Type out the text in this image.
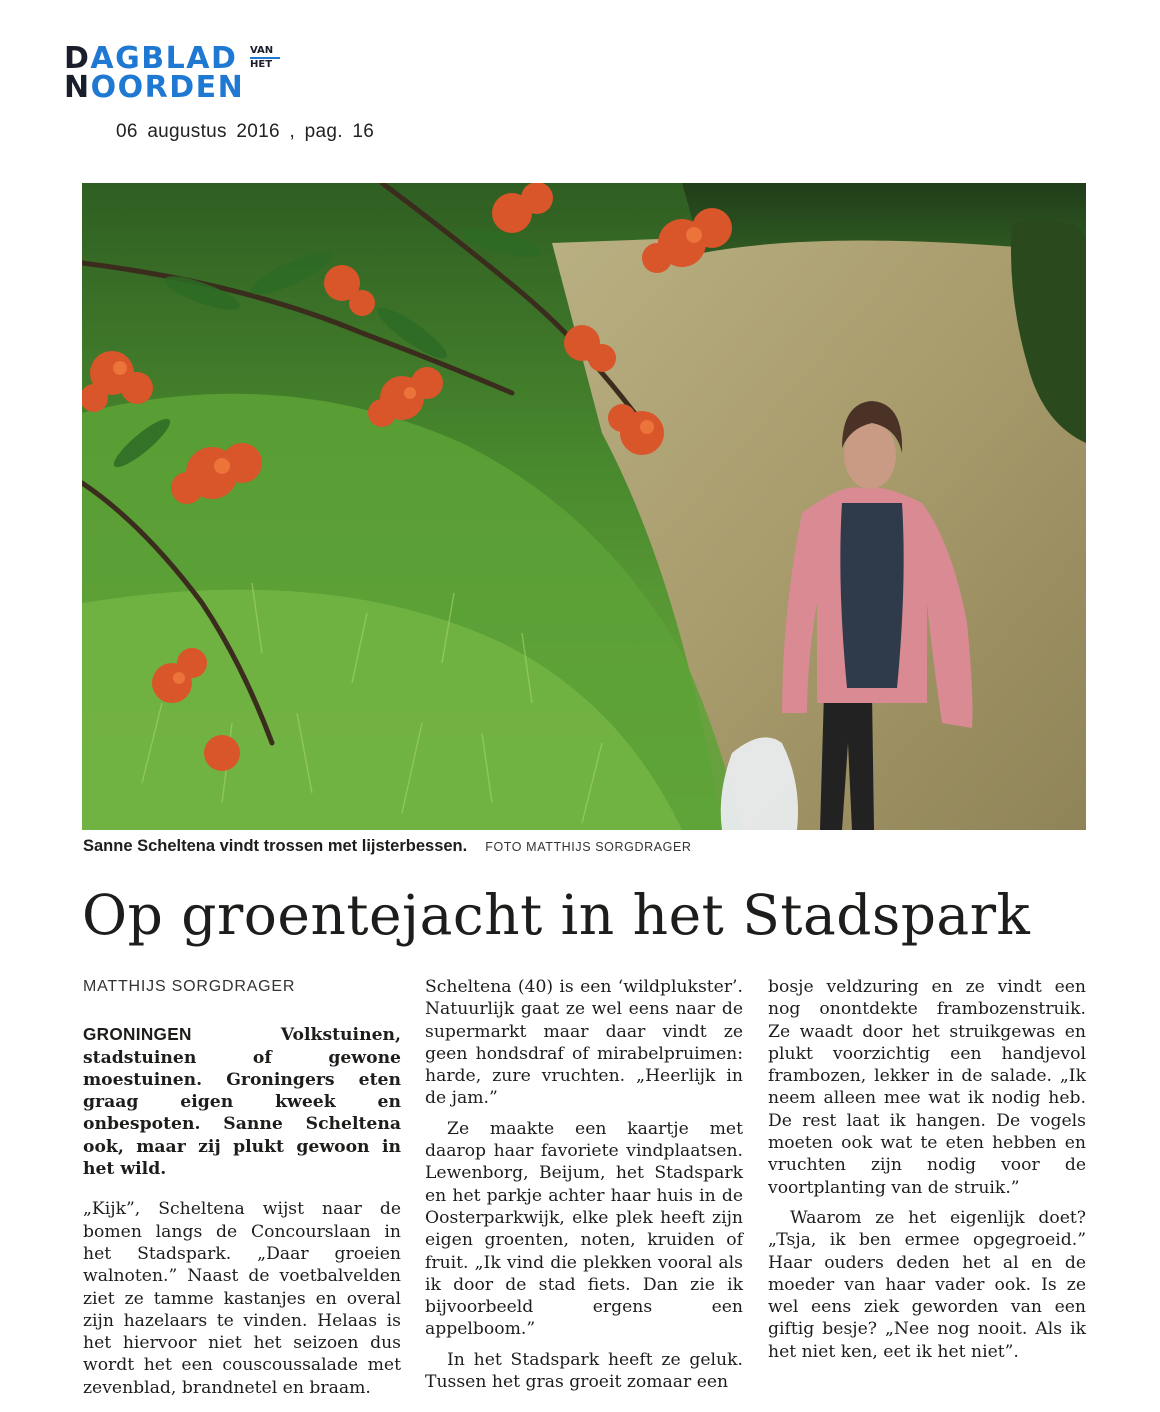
DAGBLAD
NOORDEN
VAN
HET
06 augustus 2016 , pag. 16
Sanne Scheltena vindt trossen met lijsterbessen. FOTO MATTHIJS SORGDRAGER
Op groentejacht in het Stadspark

MATTHIJS SORGDRAGER

GRONINGEN	Volkstuinen, stadstuinen of gewone moestuinen. Groningers eten graag eigen kweek en onbespoten. Sanne Scheltena ook, maar zij plukt gewoon in het wild.

„Kijk”, Scheltena wijst naar de bomen langs de Concourslaan in het Stadspark. „Daar groeien walnoten.” Naast de voetbalvelden ziet ze tamme kastanjes en overal zijn hazelaars te vinden. Helaas is het hiervoor niet het seizoen dus wordt het een couscoussalade met zevenblad, brandnetel en braam.

Scheltena (40) is een ‘wildplukster’. Natuurlijk gaat ze wel eens naar de supermarkt maar daar vindt ze geen hondsdraf of mirabelpruimen: harde, zure vruchten. „Heerlijk in de jam.”

Ze maakte een kaartje met daarop haar favoriete vindplaatsen. Lewenborg, Beijum, het Stadspark en het parkje achter haar huis in de Oosterparkwijk, elke plek heeft zijn eigen groenten, noten, kruiden of fruit. „Ik vind die plekken vooral als ik door de stad fiets. Dan zie ik bijvoorbeeld ergens een appelboom.”

In het Stadspark heeft ze geluk. Tussen het gras groeit zomaar een

bosje veldzuring en ze vindt een nog onontdekte frambozenstruik. Ze waadt door het struikgewas en plukt voorzichtig een handjevol frambozen, lekker in de salade. „Ik neem alleen mee wat ik nodig heb. De rest laat ik hangen. De vogels moeten ook wat te eten hebben en vruchten zijn nodig voor de voortplanting van de struik.”

Waarom ze het eigenlijk doet? „Tsja, ik ben ermee opgegroeid.” Haar ouders deden het al en de moeder van haar vader ook. Is ze wel eens ziek geworden van een giftig besje? „Nee nog nooit. Als ik het niet ken, eet ik het niet”.
